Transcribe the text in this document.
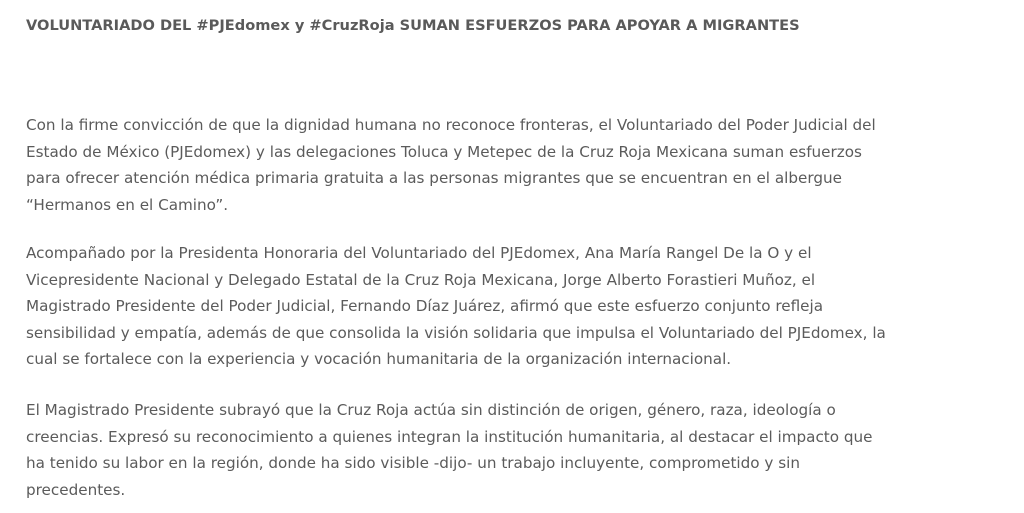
VOLUNTARIADO DEL #PJEdomex y #CruzRoja SUMAN ESFUERZOS PARA APOYAR A MIGRANTES

Con la firme convicción de que la dignidad humana no reconoce fronteras, el Voluntariado del Poder Judicial del
Estado de México (PJEdomex) y las delegaciones Toluca y Metepec de la Cruz Roja Mexicana suman esfuerzos
para ofrecer atención médica primaria gratuita a las personas migrantes que se encuentran en el albergue
“Hermanos en el Camino”.

Acompañado por la Presidenta Honoraria del Voluntariado del PJEdomex, Ana María Rangel De la O y el
Vicepresidente Nacional y Delegado Estatal de la Cruz Roja Mexicana, Jorge Alberto Forastieri Muñoz, el
Magistrado Presidente del Poder Judicial, Fernando Díaz Juárez, afirmó que este esfuerzo conjunto refleja
sensibilidad y empatía, además de que consolida la visión solidaria que impulsa el Voluntariado del PJEdomex, la
cual se fortalece con la experiencia y vocación humanitaria de la organización internacional.

El Magistrado Presidente subrayó que la Cruz Roja actúa sin distinción de origen, género, raza, ideología o
creencias. Expresó su reconocimiento a quienes integran la institución humanitaria, al destacar el impacto que
ha tenido su labor en la región, donde ha sido visible -dijo- un trabajo incluyente, comprometido y sin
precedentes.
